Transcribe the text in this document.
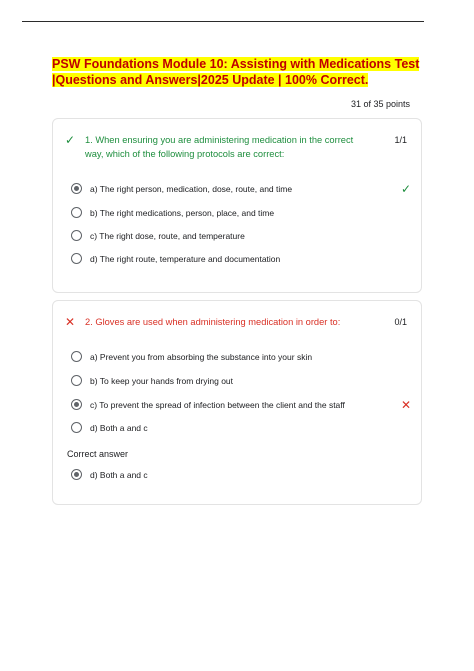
PSW Foundations Module 10: Assisting with Medications Test |Questions and Answers|2025 Update | 100% Correct.
31 of 35 points
✓	1. When ensuring you are administering medication in the correct way, which of the following protocols are correct:
1/1
a) The right person, medication, dose, route, and time	✓
b) The right medications, person, place, and time
c) The right dose, route, and temperature
d) The right route, temperature and documentation
✕	2. Gloves are used when administering medication in order to:	0/1
a) Prevent you from absorbing the substance into your skin
b) To keep your hands from drying out
c) To prevent the spread of infection between the client and the staff	✕
d) Both a and c
Correct answer
d) Both a and c
